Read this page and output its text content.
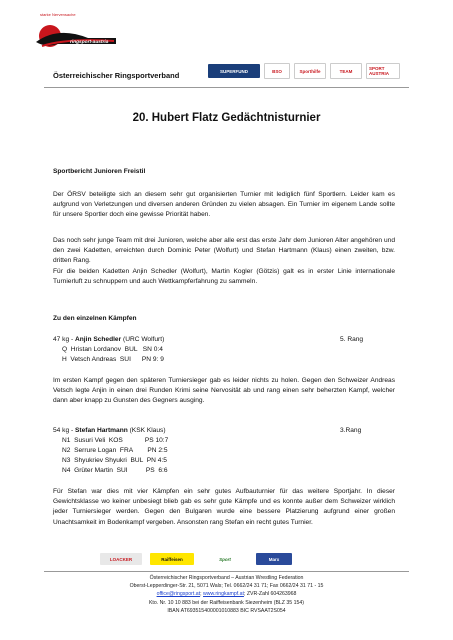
starke Nervensache
ringsport-austria
Österreichischer Ringsportverband	SUPERFUND	BSO	Sporthilfe	TEAM	SPORT AUSTRIA
20. Hubert Flatz Gedächtnisturnier
Sportbericht Junioren Freistil
Der ÖRSV beteiligte sich an diesem sehr gut organisierten Turnier mit lediglich fünf Sportlern. Leider kam es aufgrund von Verletzungen und diversen anderen Gründen zu vielen absagen. Ein Turnier im eigenem Lande sollte für unsere Sportler doch eine gewisse Priorität haben.
Das noch sehr junge Team mit drei Junioren, welche aber alle erst das erste Jahr dem Junioren Alter angehören und den zwei Kadetten, erreichten durch Dominic Peter (Wolfurt) und Stefan Hartmann (Klaus) einen zweiten, bzw. dritten Rang.
Für die beiden Kadetten Anjin Schedler (Wolfurt), Martin Kogler (Götzis) galt es in erster Linie internationale Turnierluft zu schnuppern und auch Wettkampferfahrung zu sammeln.
Zu den einzelnen Kämpfen
47 kg - Anjin Schedler (URC Wolfurt)	5. Rang
Q  Hristan Lordanov  BUL   SN 0:4
H  Vetsch Andreas  SUI      PN 9: 9
Im ersten Kampf gegen den späteren Turniersieger gab es leider nichts zu holen. Gegen den Schweizer Andreas Vetsch legte Anjin in einen drei Runden Krimi seine Nervosität ab und rang einen sehr beherzten Kampf, welcher dann aber knapp zu Gunsten des Gegners ausging.
54 kg - Stefan Hartmann (KSK Klaus)	3.Rang
N1  Susuri Veli  KOS            PS 10:7
N2  Serrure Logan  FRA        PN 2:5
N3  Shyukriev Shyukri  BUL  PN 4:5
N4  Grüter Martin  SUI          PS  6:6
Für Stefan war dies mit vier Kämpfen ein sehr gutes Aufbauturnier für das weitere Sportjahr. In dieser Gewichtsklasse wo keiner unbesiegt blieb gab es sehr gute Kämpfe und es konnte außer dem Schweizer wirklich jeder Turniersieger werden. Gegen den Bulgaren wurde eine bessere Platzierung aufgrund einer großen Unachtsamkeit im Bodenkampf vergeben. Ansonsten rang Stefan ein recht gutes Turnier.
LOACKER	Raiffeisen	Sport	Marx
Österreichischer Ringsportverband – Austrian Wrestling Federation
Oberst-Lepperdinger-Str. 21, 5071 Wals; Tel. 0662/24 31 71; Fax 0662/24 31 71 - 15
office@ringsport.at; www.ringkampf.at; ZVR-Zahl 604263968
Kto. Nr. 10 10 883 bei der Raiffeisenbank Siezenheim (BLZ 35 154)
IBAN AT693515400001010883 BIC RVSAAT2S054
